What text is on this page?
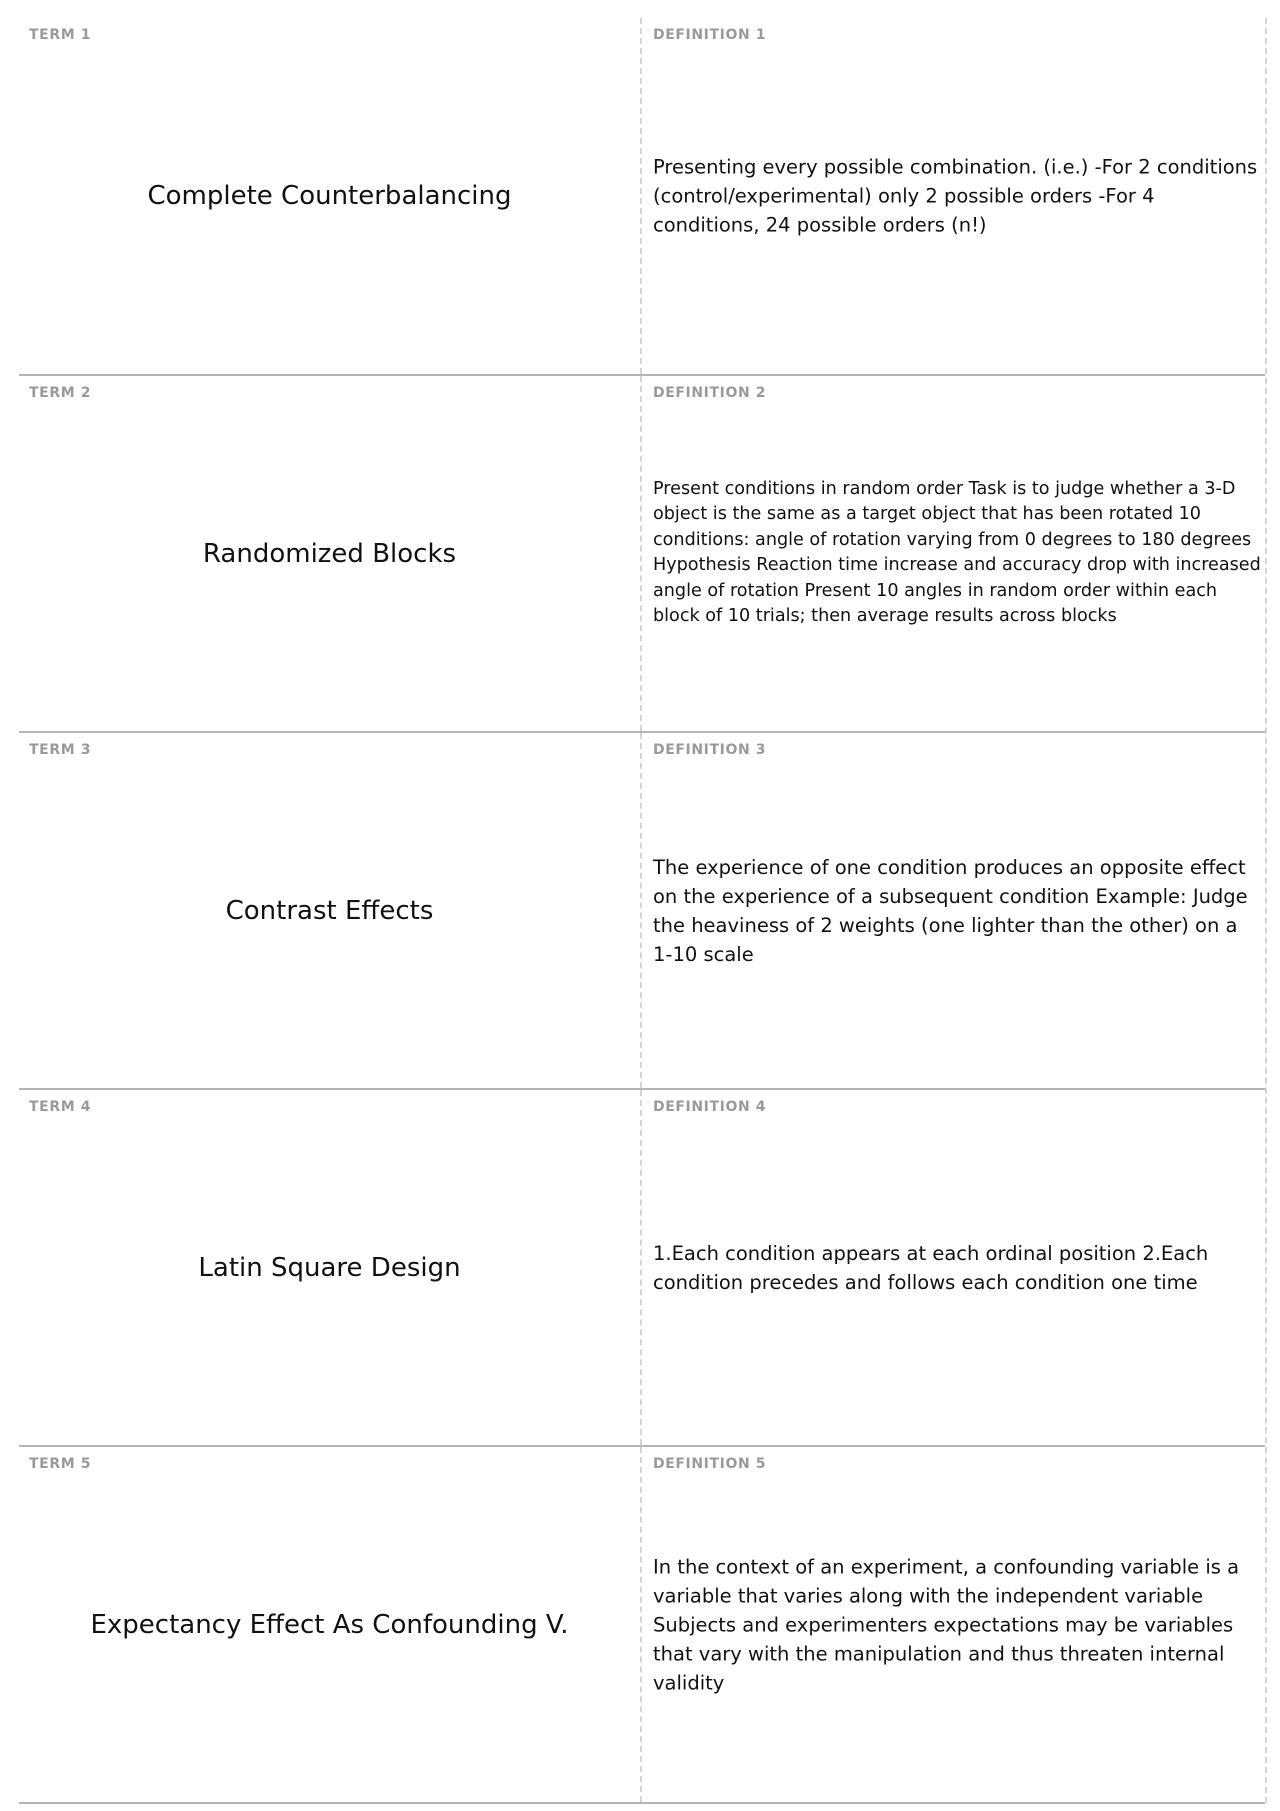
TERM 1
Complete Counterbalancing
DEFINITION 1
Presenting every possible combination. (i.e.) -For 2 conditions (control/experimental) only 2 possible orders -For 4 conditions, 24 possible orders (n!)
TERM 2
Randomized Blocks
DEFINITION 2
Present conditions in random order Task is to judge whether a 3-D object is the same as a target object that has been rotated 10 conditions: angle of rotation varying from 0 degrees to 180 degrees Hypothesis Reaction time increase and accuracy drop with increased angle of rotation Present 10 angles in random order within each block of 10 trials; then average results across blocks
TERM 3
Contrast Effects
DEFINITION 3
The experience of one condition produces an opposite effect on the experience of a subsequent condition Example: Judge the heaviness of 2 weights (one lighter than the other) on a 1-10 scale
TERM 4
Latin Square Design
DEFINITION 4
1.Each condition appears at each ordinal position 2.Each condition precedes and follows each condition one time
TERM 5
Expectancy Effect As Confounding V.
DEFINITION 5
In the context of an experiment, a confounding variable is a variable that varies along with the independent variable Subjects and experimenters expectations may be variables that vary with the manipulation and thus threaten internal validity
